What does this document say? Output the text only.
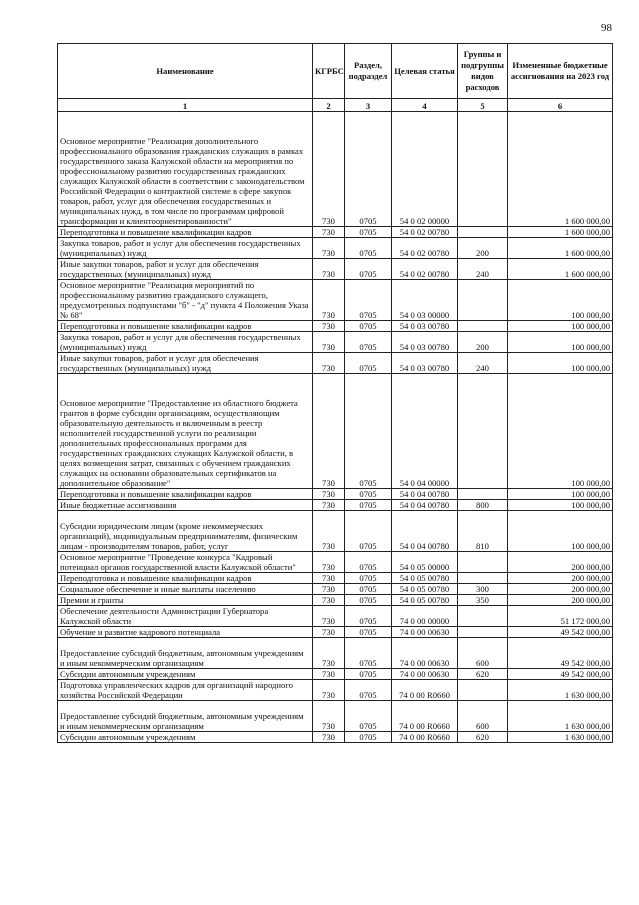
98
Наименование	КГРБС	Раздел, подраздел	Целевая статья	Группы и подгруппы видов расходов	Измененные бюджетные ассигнования на 2023 год
1	2	3	4	5	6
Основное мероприятие "Реализация дополнительного профессионального образования гражданских служащих в рамках государственного заказа Калужской области на мероприятия по профессиональному развитию государственных гражданских служащих Калужской области в соответствии с законодательством Российской Федерации о контрактной системе в сфере закупок товаров, работ, услуг для обеспечения государственных и муниципальных нужд, в том числе по программам цифровой трансформации и клиентоориентированности"	730	0705	54 0 02 00000		1 600 000,00
Переподготовка и повышение квалификации кадров	730	0705	54 0 02 00780		1 600 000,00
Закупка товаров, работ и услуг для обеспечения государственных (муниципальных) нужд	730	0705	54 0 02 00780	200	1 600 000,00
Иные закупки товаров, работ и услуг для обеспечения государственных (муниципальных) нужд	730	0705	54 0 02 00780	240	1 600 000,00
Основное мероприятие "Реализация мероприятий по профессиональному развитию гражданского служащего, предусмотренных подпунктами "б" - "д" пункта 4 Положения Указа № 68"	730	0705	54 0 03 00000		100 000,00
Переподготовка и повышение квалификации кадров	730	0705	54 0 03 00780		100 000,00
Закупка товаров, работ и услуг для обеспечения государственных (муниципальных) нужд	730	0705	54 0 03 00780	200	100 000,00
Иные закупки товаров, работ и услуг для обеспечения государственных (муниципальных) нужд	730	0705	54 0 03 00780	240	100 000,00
Основное мероприятие "Предоставление из областного бюджета грантов в форме субсидии организациям, осуществляющим образовательную деятельность и включенным в реестр исполнителей государственной услуги по реализации дополнительных профессиональных программ для государственных гражданских служащих Калужской области, в целях возмещения затрат, связанных с обучением гражданских служащих на основании образовательных сертификатов на дополнительное образование"	730	0705	54 0 04 00000		100 000,00
Переподготовка и повышение квалификации кадров	730	0705	54 0 04 00780		100 000,00
Иные бюджетные ассигнования	730	0705	54 0 04 00780	800	100 000,00
Субсидии юридическим лицам (кроме некоммерческих организаций), индивидуальным предпринимателям, физическим лицам - производителям товаров, работ, услуг	730	0705	54 0 04 00780	810	100 000,00
Основное мероприятие "Проведение конкурса "Кадровый потенциал органов государственной власти Калужской области"	730	0705	54 0 05 00000		200 000,00
Переподготовка и повышение квалификации кадров	730	0705	54 0 05 00780		200 000,00
Социальное обеспечение и иные выплаты населению	730	0705	54 0 05 00780	300	200 000,00
Премии и гранты	730	0705	54 0 05 00780	350	200 000,00
Обеспечение деятельности Администрации Губернатора Калужской области	730	0705	74 0 00 00000		51 172 000,00
Обучение и развитие кадрового потенциала	730	0705	74 0 00 00630		49 542 000,00
Предоставление субсидий бюджетным, автономным учреждениям и иным некоммерческим организациям	730	0705	74 0 00 00630	600	49 542 000,00
Субсидии автономным учреждениям	730	0705	74 0 00 00630	620	49 542 000,00
Подготовка управленческих кадров для организаций народного хозяйства Российской Федерации	730	0705	74 0 00 R0660		1 630 000,00
Предоставление субсидий бюджетным, автономным учреждениям и иным некоммерческим организациям	730	0705	74 0 00 R0660	600	1 630 000,00
Субсидии автономным учреждениям	730	0705	74 0 00 R0660	620	1 630 000,00
